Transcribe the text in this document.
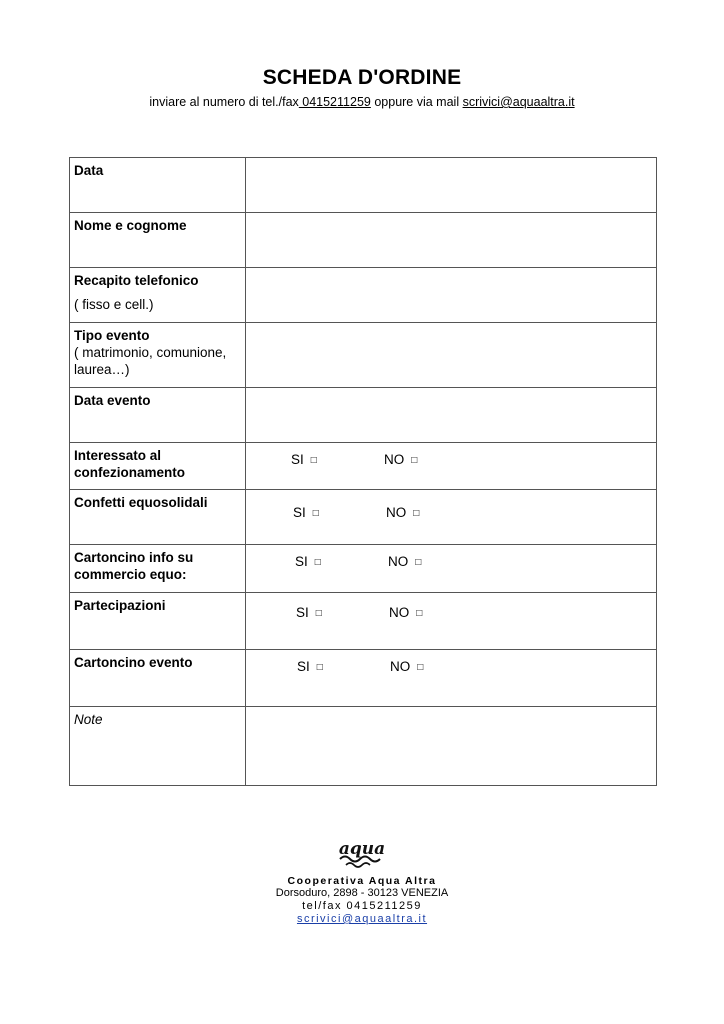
SCHEDA D'ORDINE
inviare al numero di tel./fax 0415211259 oppure via mail scrivici@aquaaltra.it
Data	
Nome e cognome	
Recapito telefonico
( fisso e cell.)	

Tipo evento
( matrimonio, comunione, laurea…)	
Data evento	
Interessato al confezionamento	SI □ NO □

Confetti equosolidali	SI □ NO □

Cartoncino info su commercio equo:	SI □ NO □

Partecipazioni	SI □ NO □

Cartoncino evento	SI □ NO □

Note	
aqua
Cooperativa Aqua Altra
Dorsoduro, 2898 - 30123 VENEZIA
tel/fax 0415211259
scrivici@aquaaltra.it
